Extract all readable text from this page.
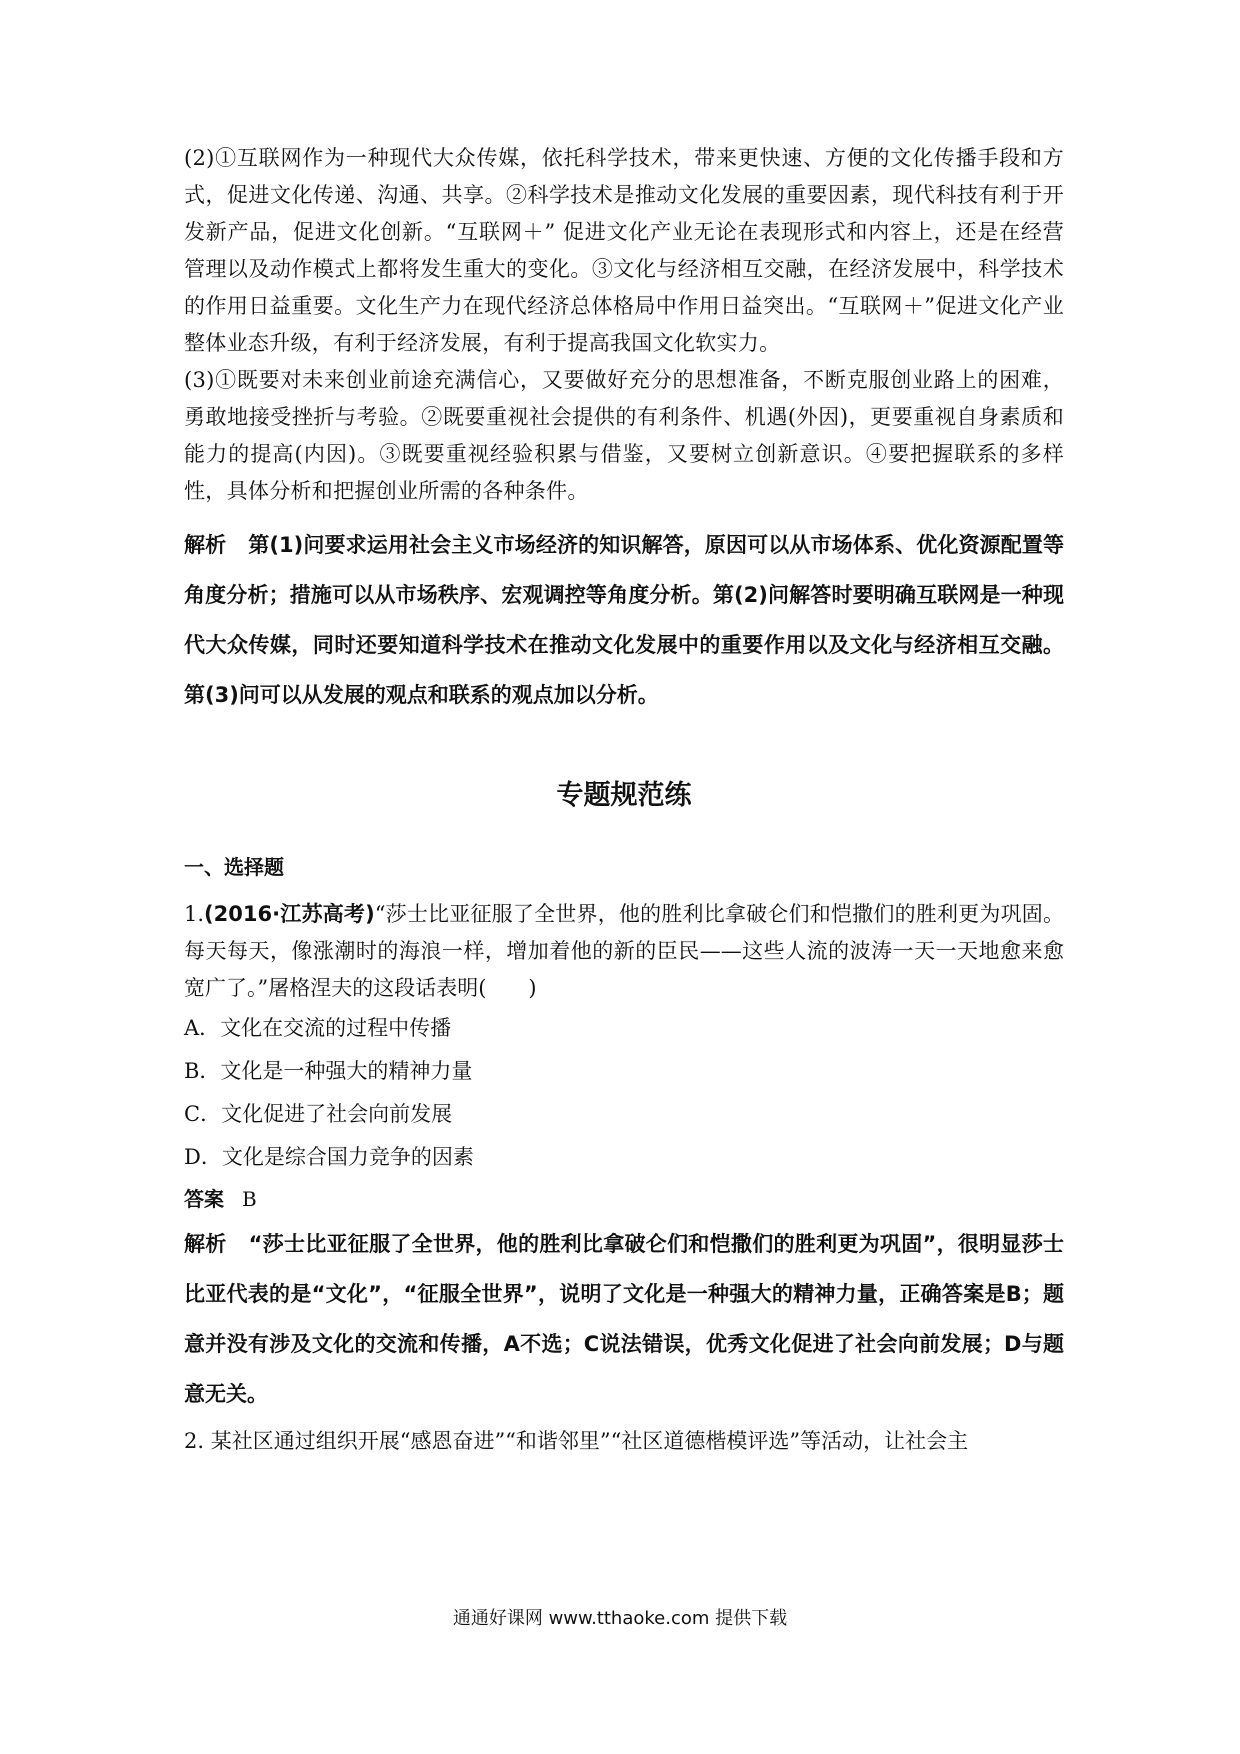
(2)①互联网作为一种现代大众传媒，依托科学技术，带来更快速、方便的文化传播手段和方式，促进文化传递、沟通、共享。②科学技术是推动文化发展的重要因素，现代科技有利于开发新产品，促进文化创新。“互联网＋” 促进文化产业无论在表现形式和内容上，还是在经营管理以及动作模式上都将发生重大的变化。③文化与经济相互交融，在经济发展中，科学技术的作用日益重要。文化生产力在现代经济总体格局中作用日益突出。“互联网＋”促进文化产业整体业态升级，有利于经济发展，有利于提高我国文化软实力。

(3)①既要对未来创业前途充满信心，又要做好充分的思想准备，不断克服创业路上的困难，勇敢地接受挫折与考验。②既要重视社会提供的有利条件、机遇(外因)，更要重视自身素质和能力的提高(内因)。③既要重视经验积累与借鉴，又要树立创新意识。④要把握联系的多样性，具体分析和把握创业所需的各种条件。

解析 第(1)问要求运用社会主义市场经济的知识解答，原因可以从市场体系、优化资源配置等角度分析；措施可以从市场秩序、宏观调控等角度分析。第(2)问解答时要明确互联网是一种现代大众传媒，同时还要知道科学技术在推动文化发展中的重要作用以及文化与经济相互交融。第(3)问可以从发展的观点和联系的观点加以分析。
专题规范练
一、选择题
1.(2016·江苏高考)“莎士比亚征服了全世界，他的胜利比拿破仑们和恺撒们的胜利更为巩固。每天每天，像涨潮时的海浪一样，增加着他的新的臣民——这些人流的波涛一天一天地愈来愈宽广了。”屠格涅夫的这段话表明(　　)
A．文化在交流的过程中传播
B．文化是一种强大的精神力量
C．文化促进了社会向前发展
D．文化是综合国力竞争的因素
答案 B
解析 “莎士比亚征服了全世界，他的胜利比拿破仑们和恺撒们的胜利更为巩固”，很明显莎士比亚代表的是“文化”，“征服全世界”，说明了文化是一种强大的精神力量，正确答案是B；题意并没有涉及文化的交流和传播，A不选；C说法错误，优秀文化促进了社会向前发展；D与题意无关。
2. 某社区通过组织开展“感恩奋进”“和谐邻里”“社区道德楷模评选”等活动，让社会主
通通好课网 www.tthaoke.com 提供下载
